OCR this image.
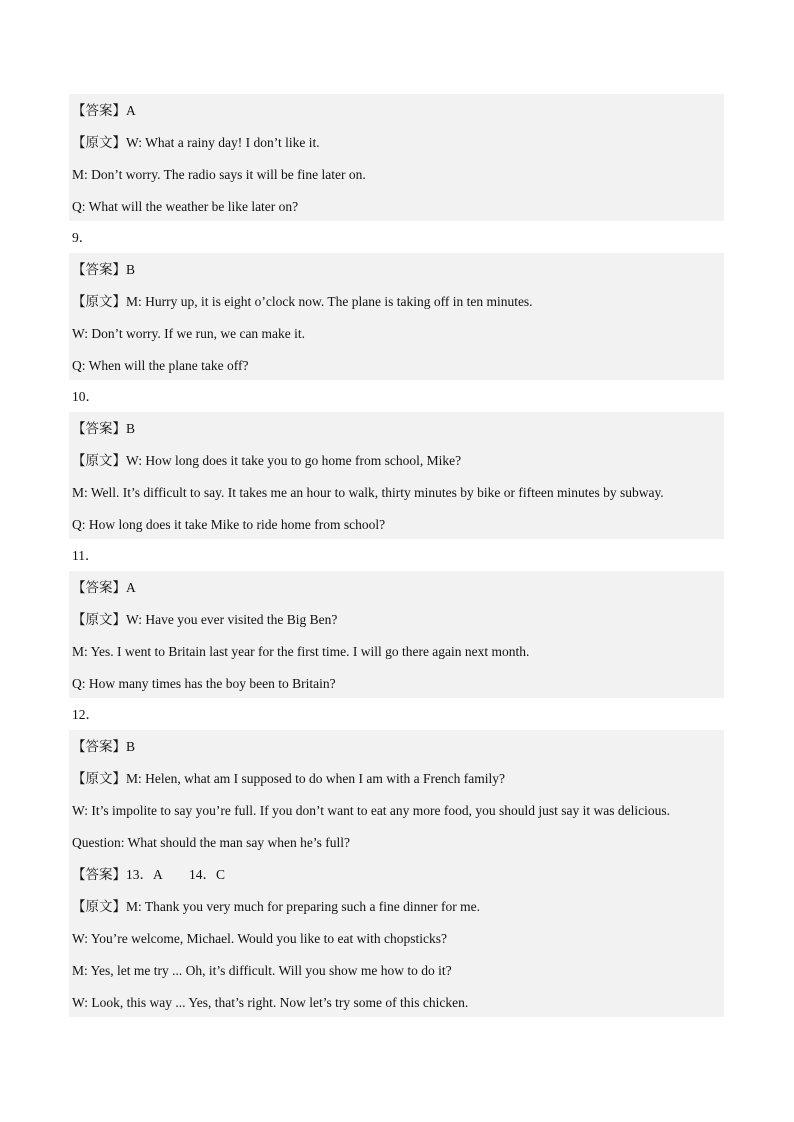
【答案】A
【原文】W: What a rainy day! I don’t like it.
M: Don’t worry. The radio says it will be fine later on.
Q: What will the weather be like later on?
9．
【答案】B
【原文】M: Hurry up, it is eight o’clock now. The plane is taking off in ten minutes.
W: Don’t worry. If we run, we can make it.
Q: When will the plane take off?
10．
【答案】B
【原文】W: How long does it take you to go home from school, Mike?
M: Well. It’s difficult to say. It takes me an hour to walk, thirty minutes by bike or fifteen minutes by subway.
Q: How long does it take Mike to ride home from school?
11．
【答案】A
【原文】W: Have you ever visited the Big Ben?
M: Yes. I went to Britain last year for the first time. I will go there again next month.
Q: How many times has the boy been to Britain?
12．
【答案】B
【原文】M: Helen, what am I supposed to do when I am with a French family?
W: It’s impolite to say you’re full. If you don’t want to eat any more food, you should just say it was delicious.
Question: What should the man say when he’s full?
【答案】13．A　　14．C
【原文】M: Thank you very much for preparing such a fine dinner for me.
W: You’re welcome, Michael. Would you like to eat with chopsticks?
M: Yes, let me try ... Oh, it’s difficult. Will you show me how to do it?
W: Look, this way ... Yes, that’s right. Now let’s try some of this chicken.
